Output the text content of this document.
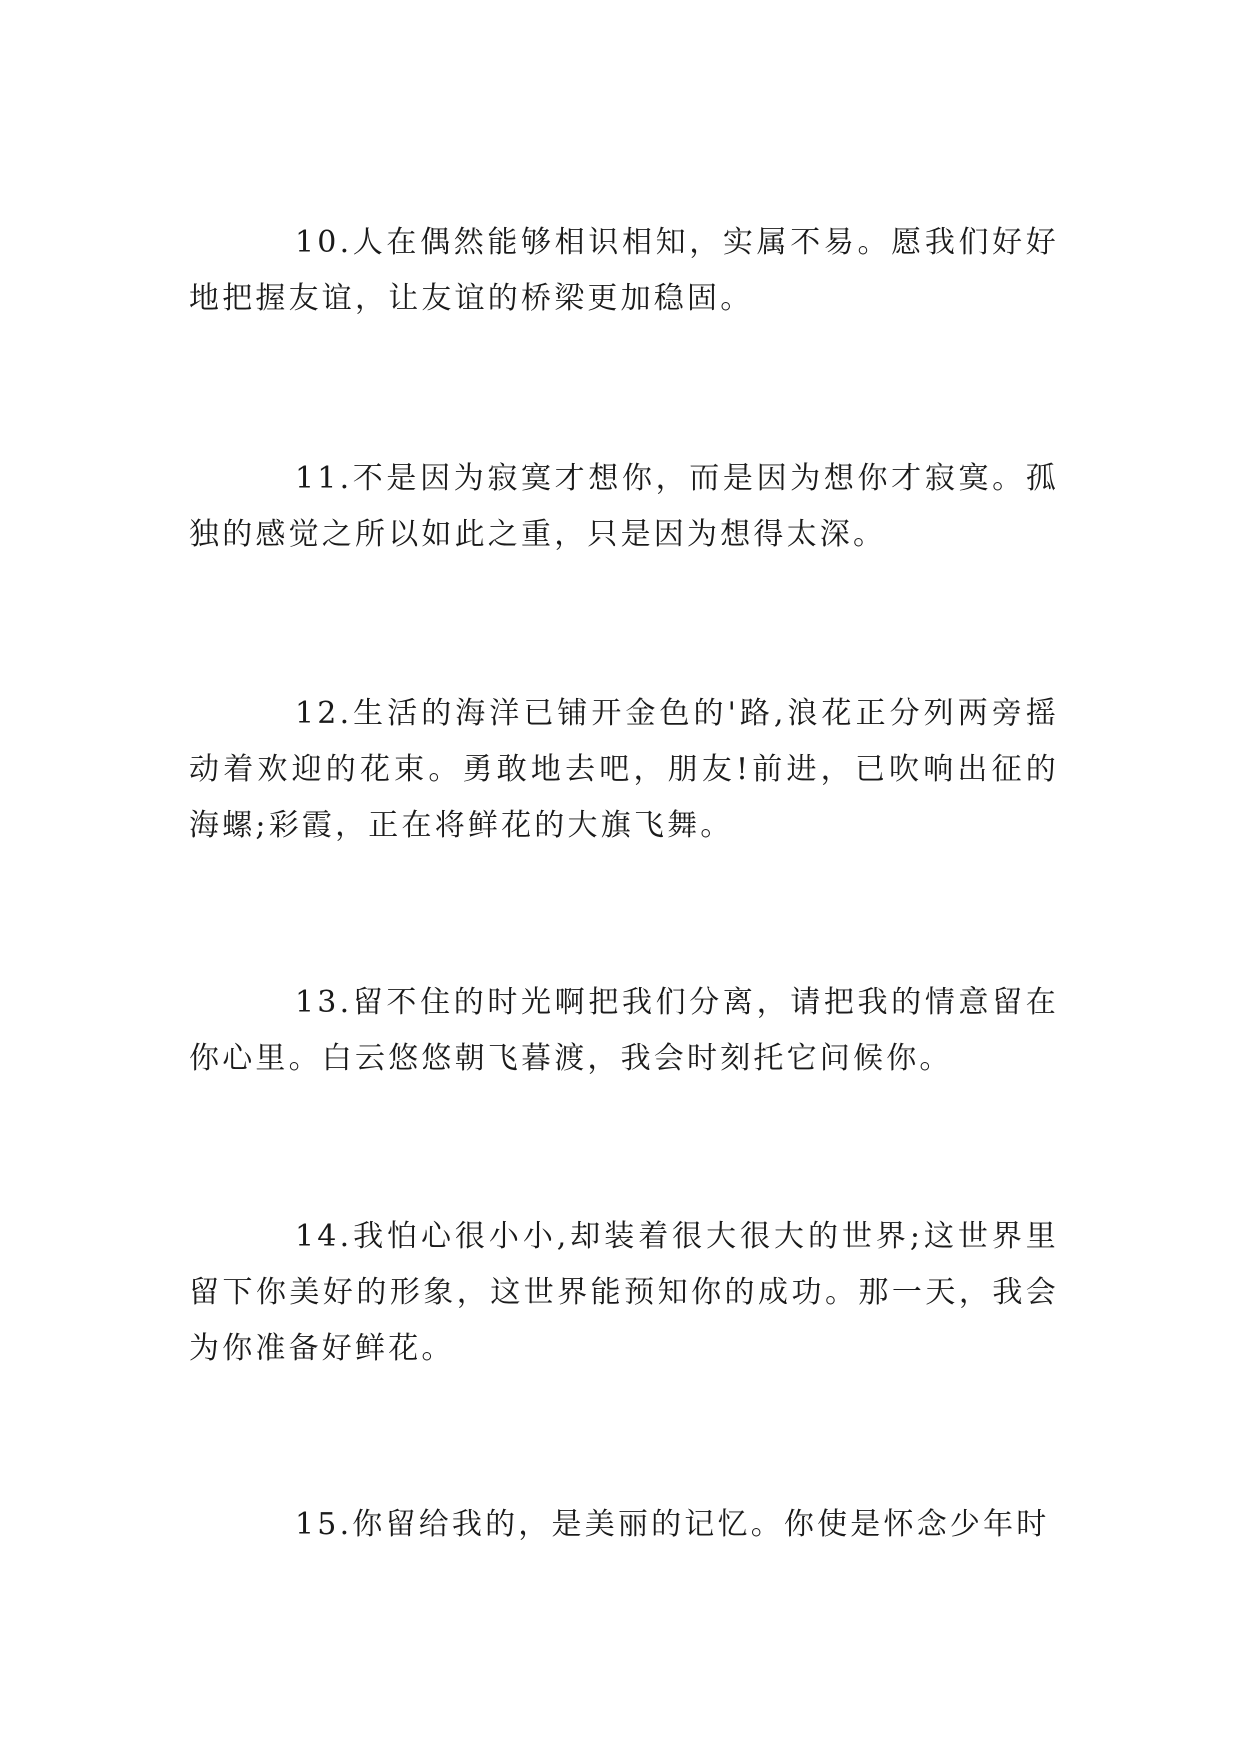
10.人在偶然能够相识相知，实属不易。愿我们好好地把握友谊，让友谊的桥梁更加稳固。

11.不是因为寂寞才想你，而是因为想你才寂寞。孤独的感觉之所以如此之重，只是因为想得太深。

12.生活的海洋已铺开金色的'路,浪花正分列两旁摇动着欢迎的花束。勇敢地去吧，朋友!前进，已吹响出征的海螺;彩霞，正在将鲜花的大旗飞舞。

13.留不住的时光啊把我们分离，请把我的情意留在你心里。白云悠悠朝飞暮渡，我会时刻托它问候你。

14.我怕心很小小,却装着很大很大的世界;这世界里留下你美好的形象，这世界能预知你的成功。那一天，我会为你准备好鲜花。

15.你留给我的，是美丽的记忆。你使是怀念少年时
